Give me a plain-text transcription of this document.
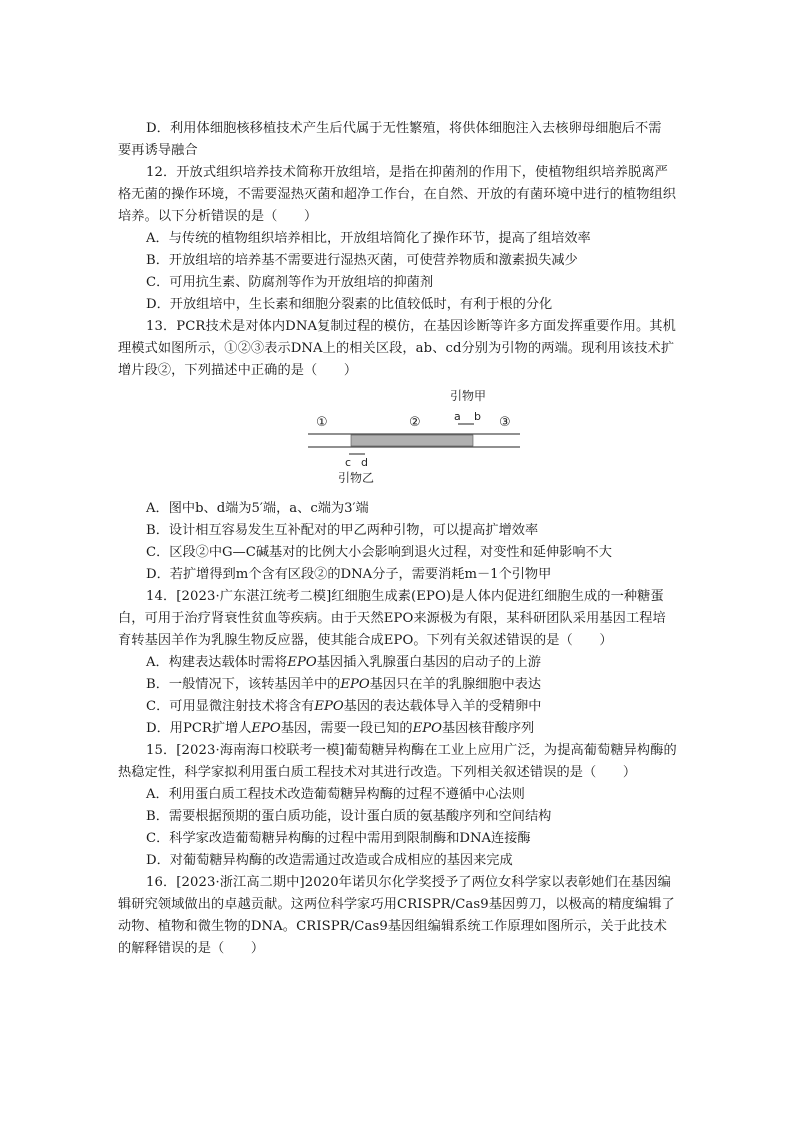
D．利用体细胞核移植技术产生后代属于无性繁殖，将供体细胞注入去核卵母细胞后不需

要再诱导融合

12．开放式组织培养技术简称开放组培，是指在抑菌剂的作用下，使植物组织培养脱离严格无菌的操作环境，不需要湿热灭菌和超净工作台，在自然、开放的有菌环境中进行的植物组织培养。以下分析错误的是（　　）

A．与传统的植物组织培养相比，开放组培简化了操作环节，提高了组培效率

B．开放组培的培养基不需要进行湿热灭菌，可使营养物质和激素损失减少

C．可用抗生素、防腐剂等作为开放组培的抑菌剂

D．开放组培中，生长素和细胞分裂素的比值较低时，有利于根的分化

13．PCR技术是对体内DNA复制过程的模仿，在基因诊断等许多方面发挥重要作用。其机理模式如图所示，①②③表示DNA上的相关区段，ab、cd分别为引物的两端。现利用该技术扩增片段②，下列描述中正确的是（　　）

引物甲
a b
①	②	③
c d
引物乙

A．图中b、d端为5′端，a、c端为3′端

B．设计相互容易发生互补配对的甲乙两种引物，可以提高扩增效率

C．区段②中G—C碱基对的比例大小会影响到退火过程，对变性和延伸影响不大

D．若扩增得到m个含有区段②的DNA分子，需要消耗m－1个引物甲

14．[2023·广东湛江统考二模]红细胞生成素(EPO)是人体内促进红细胞生成的一种糖蛋白，可用于治疗肾衰性贫血等疾病。由于天然EPO来源极为有限，某科研团队采用基因工程培育转基因羊作为乳腺生物反应器，使其能合成EPO。下列有关叙述错误的是（　　）

A．构建表达载体时需将EPO基因插入乳腺蛋白基因的启动子的上游

B．一般情况下，该转基因羊中的EPO基因只在羊的乳腺细胞中表达

C．可用显微注射技术将含有EPO基因的表达载体导入羊的受精卵中

D．用PCR扩增人EPO基因，需要一段已知的EPO基因核苷酸序列

15．[2023·海南海口校联考一模]葡萄糖异构酶在工业上应用广泛，为提高葡萄糖异构酶的热稳定性，科学家拟利用蛋白质工程技术对其进行改造。下列相关叙述错误的是（　　）

A．利用蛋白质工程技术改造葡萄糖异构酶的过程不遵循中心法则

B．需要根据预期的蛋白质功能，设计蛋白质的氨基酸序列和空间结构

C．科学家改造葡萄糖异构酶的过程中需用到限制酶和DNA连接酶

D．对葡萄糖异构酶的改造需通过改造或合成相应的基因来完成

16．[2023·浙江高二期中]2020年诺贝尔化学奖授予了两位女科学家以表彰她们在基因编辑研究领域做出的卓越贡献。这两位科学家巧用CRISPR/Cas9基因剪刀，以极高的精度编辑了动物、植物和微生物的DNA。CRISPR/Cas9基因组编辑系统工作原理如图所示，关于此技术的解释错误的是（　　）
